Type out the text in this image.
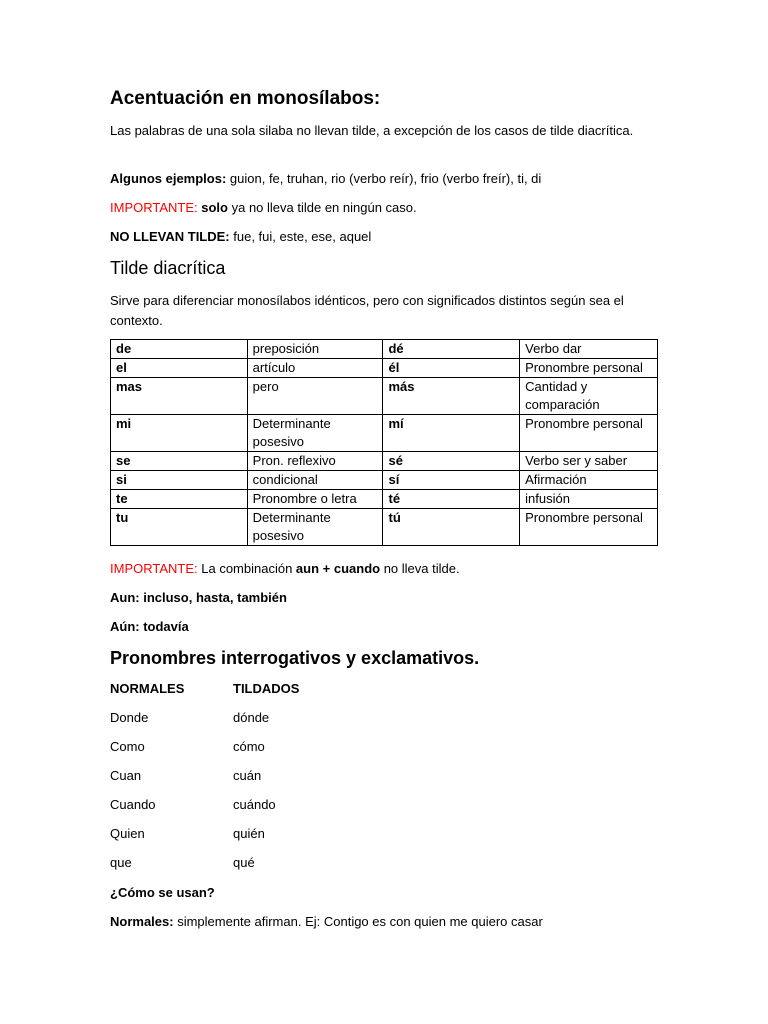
Acentuación en monosílabos:
Las palabras de una sola silaba no llevan tilde, a excepción de los casos de tilde diacrítica.
Algunos ejemplos: guion, fe, truhan, rio (verbo reír), frio (verbo freír), ti, di
IMPORTANTE: solo ya no lleva tilde en ningún caso.
NO LLEVAN TILDE: fue, fui, este, ese, aquel
Tilde diacrítica
Sirve para diferenciar monosílabos idénticos, pero con significados distintos según sea el contexto.
de	preposición	dé	Verbo dar
el	artículo	él	Pronombre personal
mas	pero	más	Cantidad y comparación
mi	Determinante posesivo	mí	Pronombre personal
se	Pron. reflexivo	sé	Verbo ser y saber
si	condicional	sí	Afirmación
te	Pronombre o letra	té	infusión
tu	Determinante posesivo	tú	Pronombre personal
IMPORTANTE: La combinación aun + cuando no lleva tilde.
Aun: incluso, hasta, también
Aún: todavía
Pronombres interrogativos y exclamativos.
NORMALES	TILDADOS
Donde	dónde
Como	cómo
Cuan	cuán
Cuando	cuándo
Quien	quién
que	qué
¿Cómo se usan?
Normales: simplemente afirman. Ej: Contigo es con quien me quiero casar
